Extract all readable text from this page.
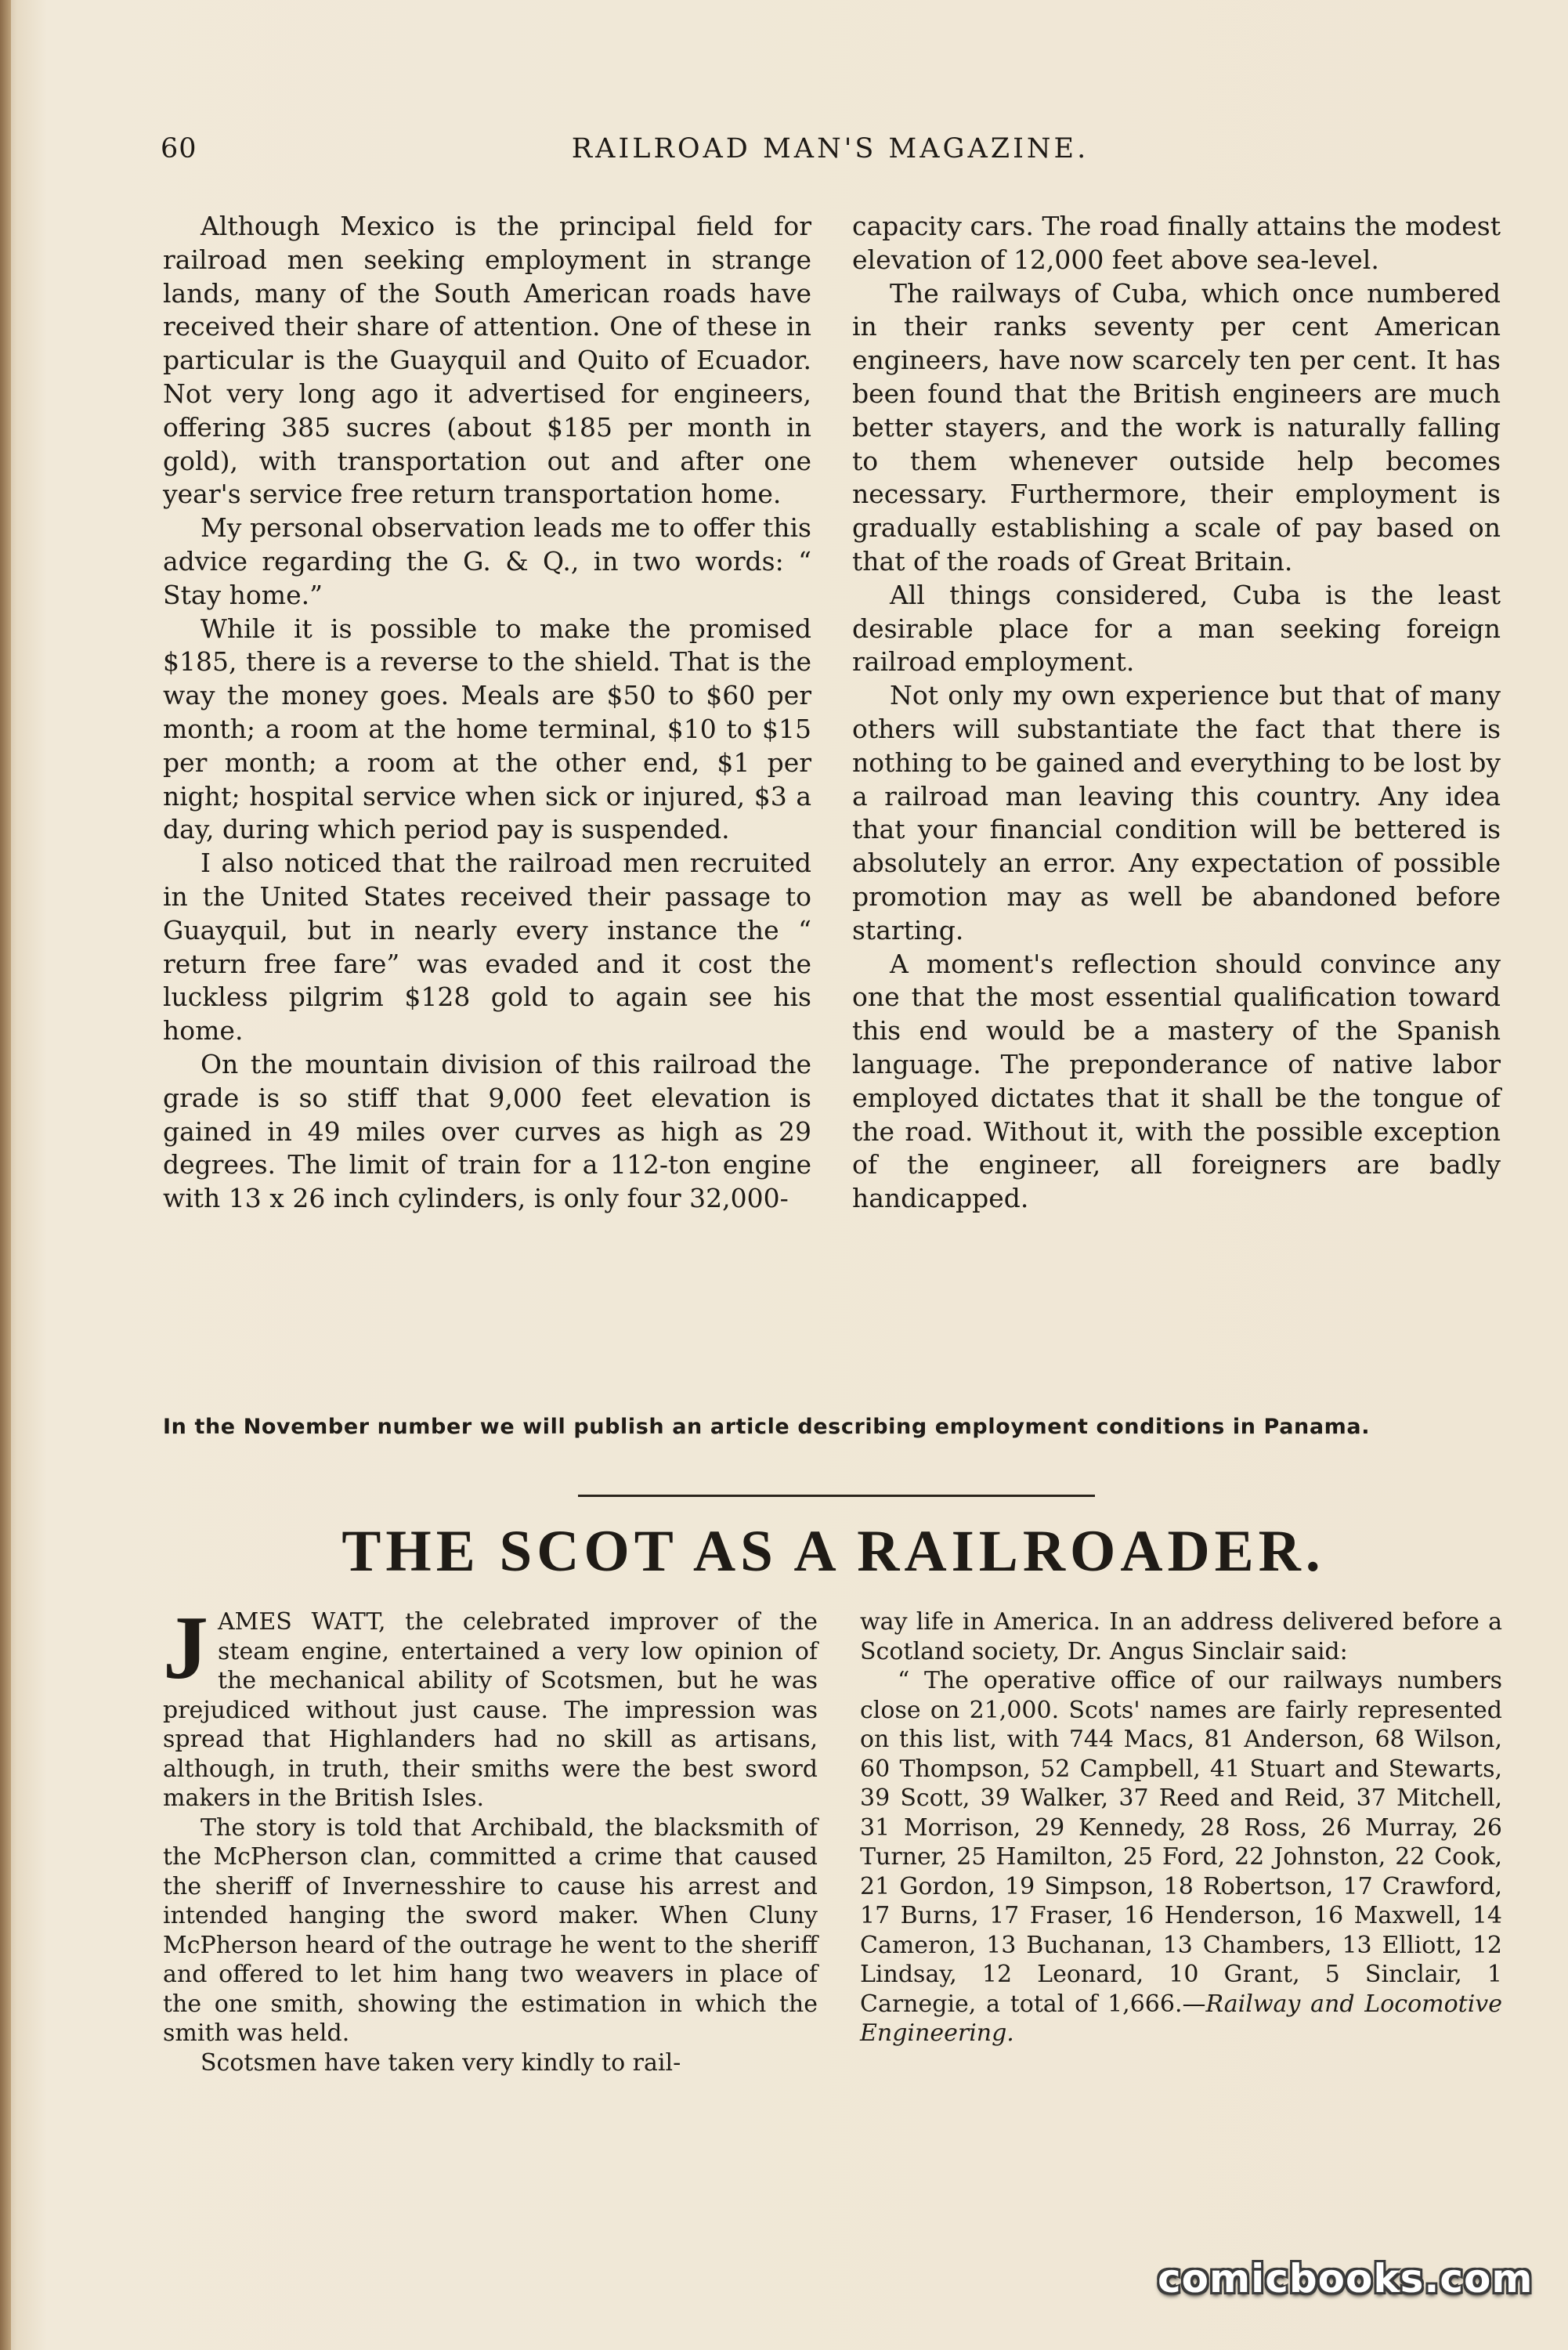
60	RAILROAD MAN'S MAGAZINE.

Although Mexico is the principal field for railroad men seeking employment in strange lands, many of the South American roads have received their share of attention. One of these in particular is the Guayquil and Quito of Ecuador. Not very long ago it advertised for engineers, offering 385 sucres (about $185 per month in gold), with transportation out and after one year's service free return transportation home.

My personal observation leads me to offer this advice regarding the G. & Q., in two words: “ Stay home.”

While it is possible to make the promised $185, there is a reverse to the shield. That is the way the money goes. Meals are $50 to $60 per month; a room at the home terminal, $10 to $15 per month; a room at the other end, $1 per night; hospital service when sick or injured, $3 a day, during which period pay is suspended.

I also noticed that the railroad men recruited in the United States received their passage to Guayquil, but in nearly every instance the “ return free fare” was evaded and it cost the luckless pilgrim $128 gold to again see his home.

On the mountain division of this railroad the grade is so stiff that 9,000 feet elevation is gained in 49 miles over curves as high as 29 degrees. The limit of train for a 112-ton engine with 13 x 26 inch cylinders, is only four 32,000-

capacity cars. The road finally attains the modest elevation of 12,000 feet above sea-level.

The railways of Cuba, which once numbered in their ranks seventy per cent American engineers, have now scarcely ten per cent. It has been found that the British engineers are much better stayers, and the work is naturally falling to them whenever outside help becomes necessary. Furthermore, their employment is gradually establishing a scale of pay based on that of the roads of Great Britain.

All things considered, Cuba is the least desirable place for a man seeking foreign railroad employment.

Not only my own experience but that of many others will substantiate the fact that there is nothing to be gained and everything to be lost by a railroad man leaving this country. Any idea that your financial condition will be bettered is absolutely an error. Any expectation of possible promotion may as well be abandoned before starting.

A moment's reflection should convince any one that the most essential qualification toward this end would be a mastery of the Spanish language. The preponderance of native labor employed dictates that it shall be the tongue of the road. Without it, with the possible exception of the engineer, all foreigners are badly handicapped.

In the November number we will publish an article describing employment conditions in Panama.
THE SCOT AS A RAILROADER.

JAMES WATT, the celebrated improver of the steam engine, entertained a very low opinion of the mechanical ability of Scotsmen, but he was prejudiced without just cause. The impression was spread that Highlanders had no skill as artisans, although, in truth, their smiths were the best sword makers in the British Isles.

The story is told that Archibald, the blacksmith of the McPherson clan, committed a crime that caused the sheriff of Invernesshire to cause his arrest and intended hanging the sword maker. When Cluny McPherson heard of the outrage he went to the sheriff and offered to let him hang two weavers in place of the one smith, showing the estimation in which the smith was held.

Scotsmen have taken very kindly to rail-

way life in America. In an address delivered before a Scotland society, Dr. Angus Sinclair said:

“ The operative office of our railways numbers close on 21,000. Scots' names are fairly represented on this list, with 744 Macs, 81 Anderson, 68 Wilson, 60 Thompson, 52 Campbell, 41 Stuart and Stewarts, 39 Scott, 39 Walker, 37 Reed and Reid, 37 Mitchell, 31 Morrison, 29 Kennedy, 28 Ross, 26 Murray, 26 Turner, 25 Hamilton, 25 Ford, 22 Johnston, 22 Cook, 21 Gordon, 19 Simpson, 18 Robertson, 17 Crawford, 17 Burns, 17 Fraser, 16 Henderson, 16 Maxwell, 14 Cameron, 13 Buchanan, 13 Chambers, 13 Elliott, 12 Lindsay, 12 Leonard, 10 Grant, 5 Sinclair, 1 Carnegie, a total of 1,666.—Railway and Locomotive Engineering.

comicbooks.com
